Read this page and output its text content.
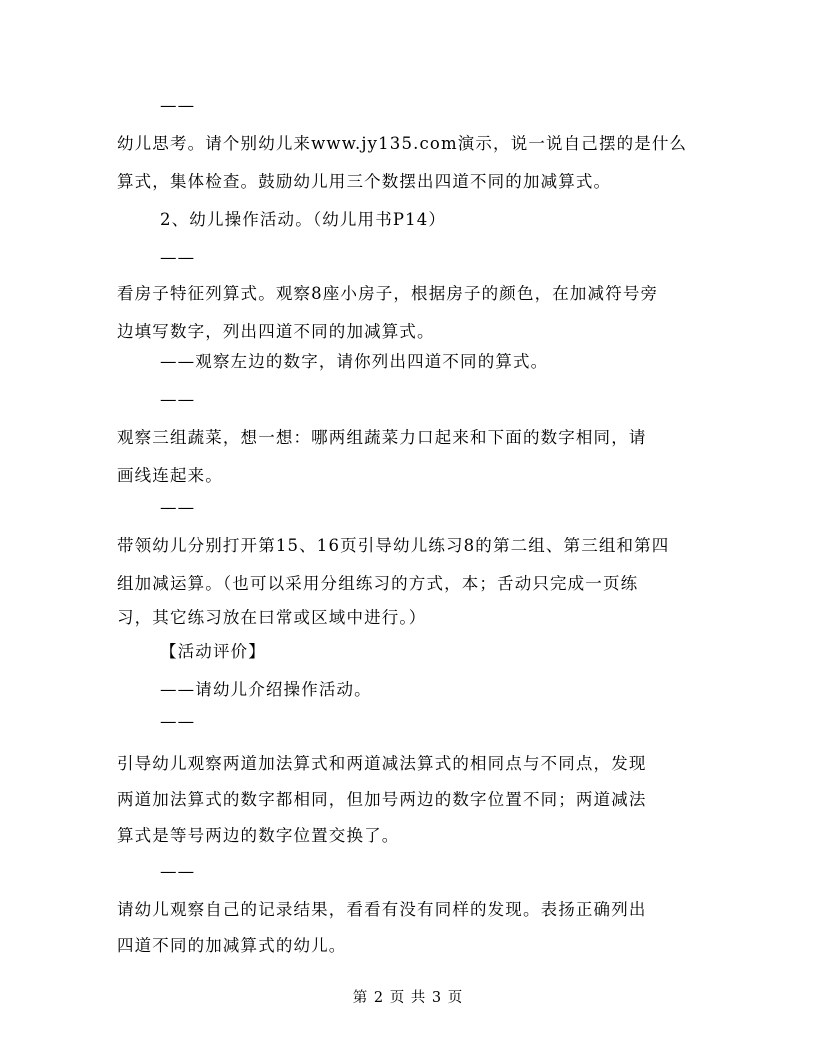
——
幼儿思考。请个别幼儿来www.jy135.com演示，说一说自己摆的是什么
算式，集体检查。鼓励幼儿用三个数摆出四道不同的加减算式。
2、幼儿操作活动。（幼儿用书P14）
——
看房子特征列算式。观察8座小房子，根据房子的颜色，在加减符号旁
边填写数字，列出四道不同的加减算式。
——观察左边的数字，请你列出四道不同的算式。
——
观察三组蔬菜，想一想：哪两组蔬菜力口起来和下面的数字相同，请
画线连起来。
——
带领幼儿分别打开第15、16页引导幼儿练习8的第二组、第三组和第四
组加减运算。（也可以采用分组练习的方式，本；舌动只完成一页练
习，其它练习放在曰常或区域中进行。）
【活动评价】
——请幼儿介绍操作活动。
——
引导幼儿观察两道加法算式和两道减法算式的相同点与不同点，发现
两道加法算式的数字都相同，但加号两边的数字位置不同；两道减法
算式是等号两边的数字位置交换了。
——
请幼儿观察自己的记录结果，看看有没有同样的发现。表扬正确列出
四道不同的加减算式的幼儿。
第 2 页 共 3 页
